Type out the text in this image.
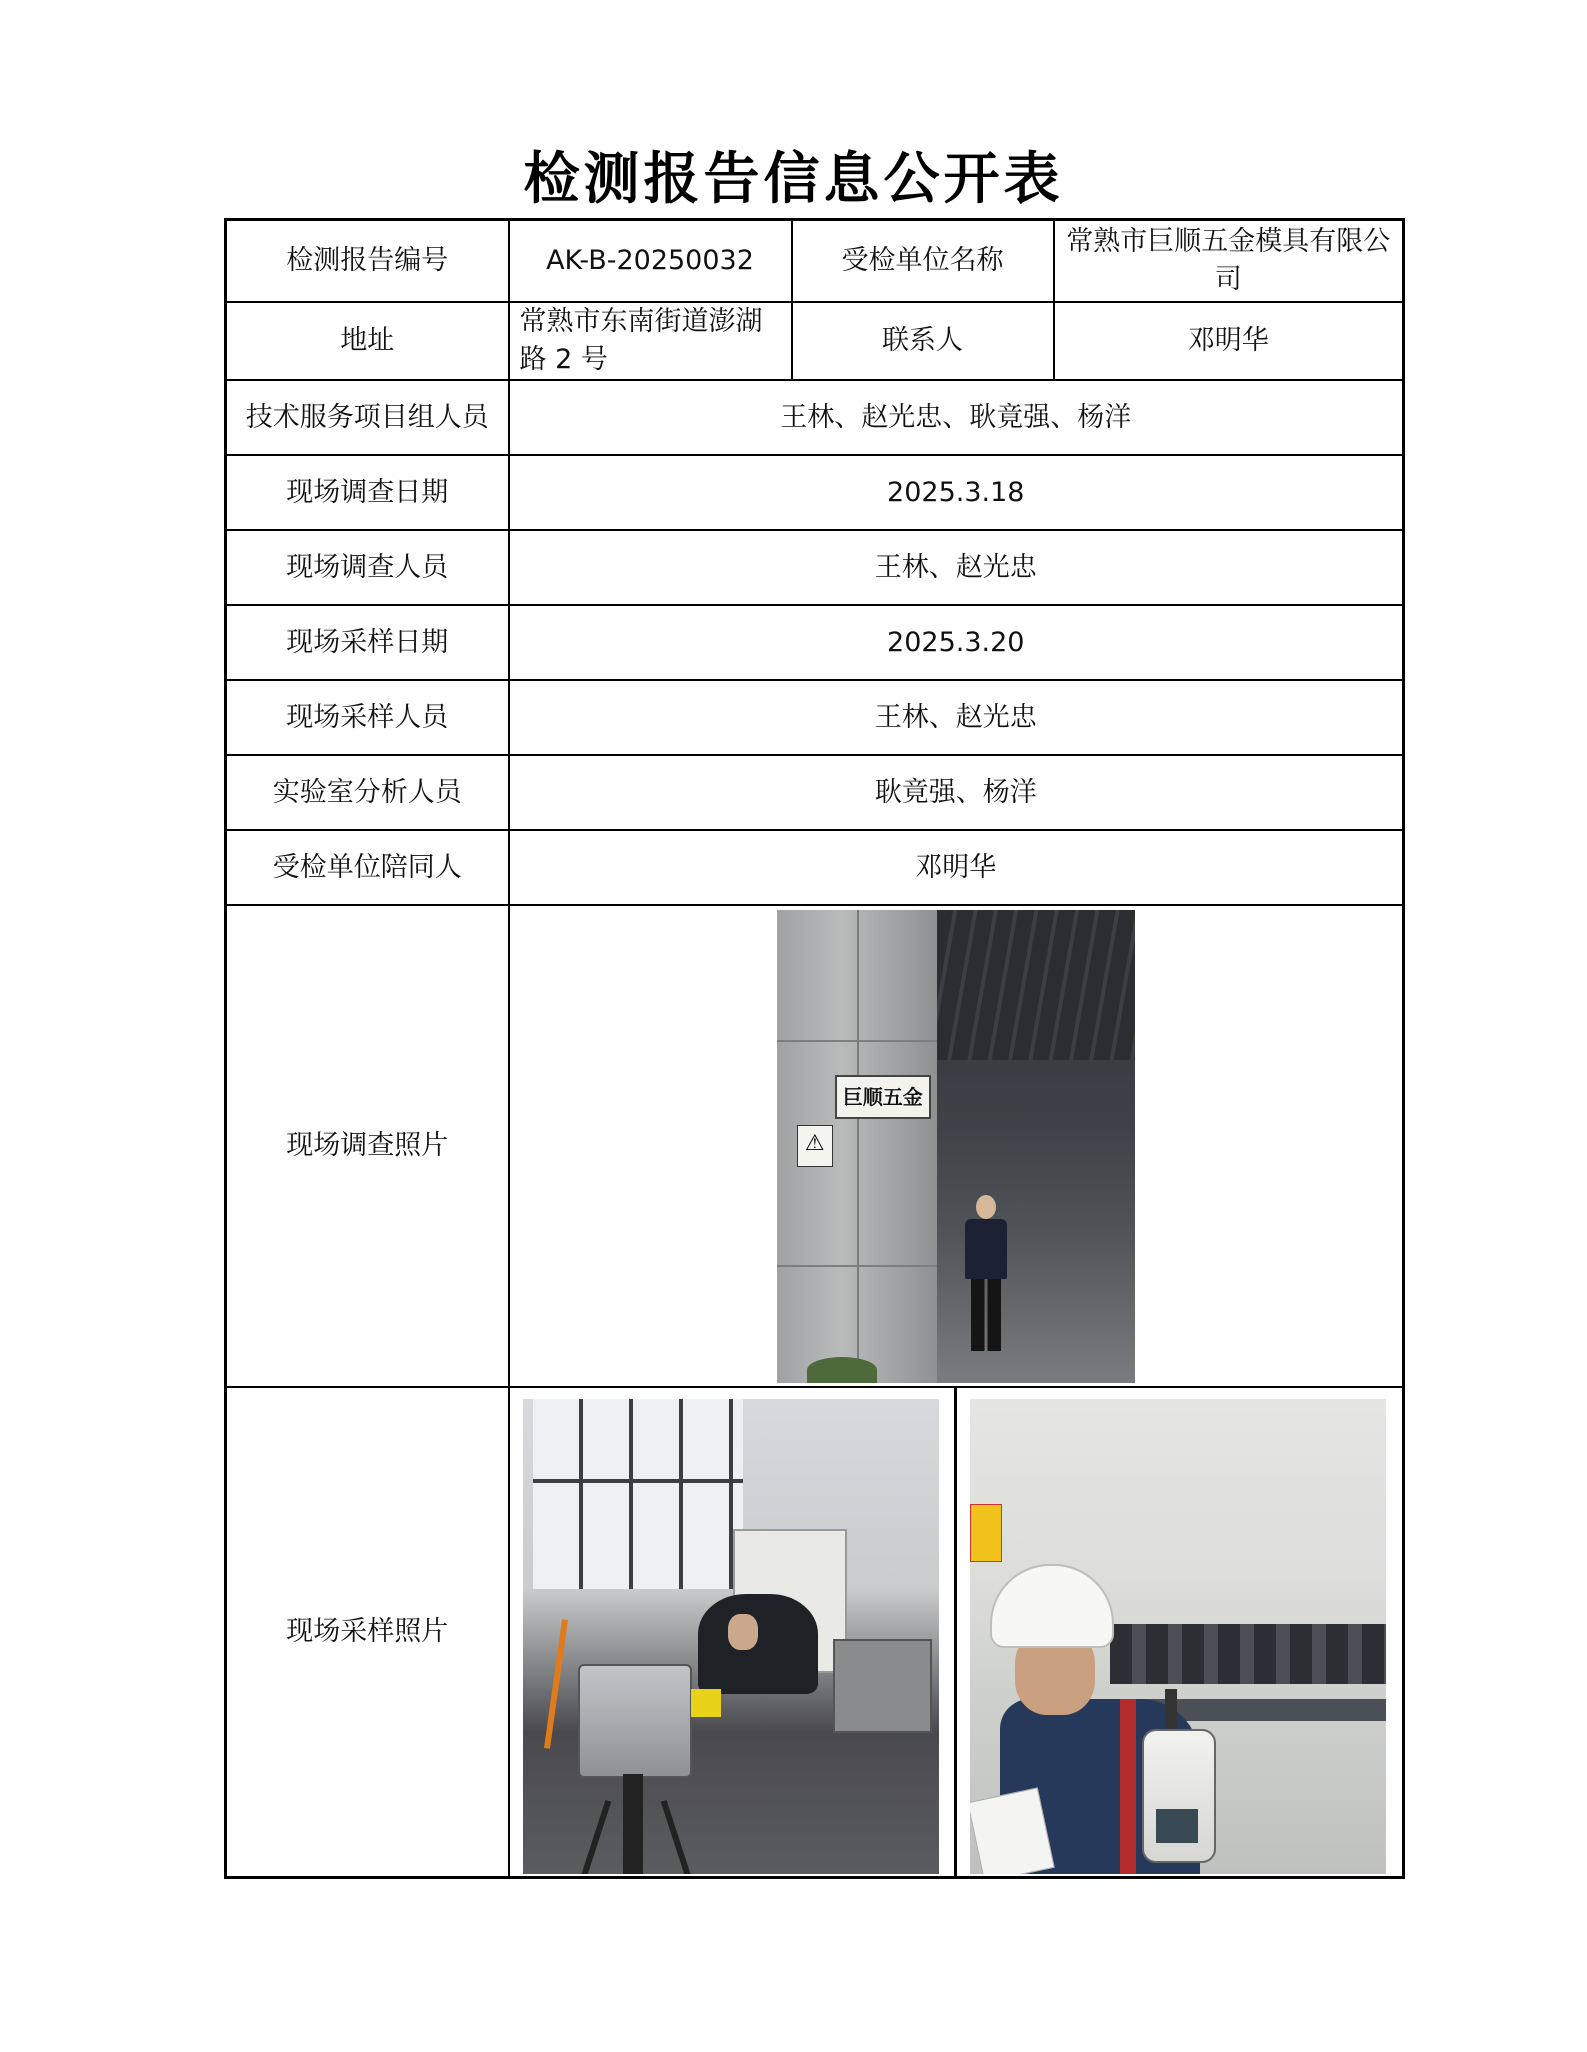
检测报告信息公开表
检测报告编号	AK-B-20250032	受检单位名称	常熟市巨顺五金模具有限公司
地址	常熟市东南街道澎湖路 2 号	联系人	邓明华
技术服务项目组人员	王林、赵光忠、耿竟强、杨洋		
现场调查日期	2025.3.18		
现场调查人员	王林、赵光忠		
现场采样日期	2025.3.20		
现场采样人员	王林、赵光忠		
实验室分析人员	耿竟强、杨洋		
受检单位陪同人	邓明华		
现场调查照片	巨顺五金
⚠		

现场采样照片			
